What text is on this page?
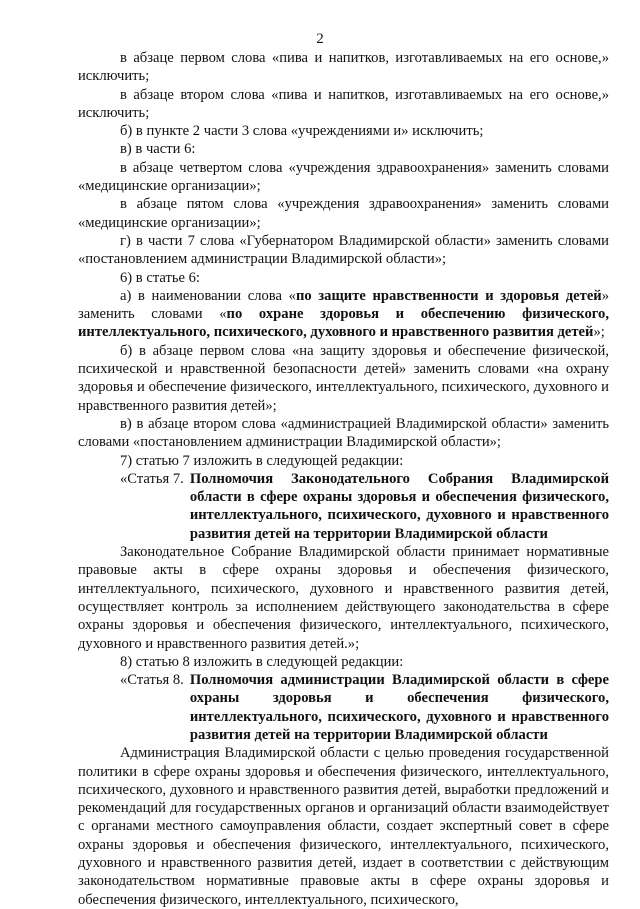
2

в абзаце первом слова «пива и напитков, изготавливаемых на его основе,» исключить;

в абзаце втором слова «пива и напитков, изготавливаемых на его основе,» исключить;

б) в пункте 2 части 3 слова «учреждениями и» исключить;

в) в части 6:

в абзаце четвертом слова «учреждения здравоохранения» заменить словами «медицинские организации»;

в абзаце пятом слова «учреждения здравоохранения» заменить словами «медицинские организации»;

г) в части 7 слова «Губернатором Владимирской области» заменить словами «постановлением администрации Владимирской области»;

6) в статье 6:

а) в наименовании слова «по защите нравственности и здоровья детей» заменить словами «по охране здоровья и обеспечению физического, интеллектуального, психического, духовного и нравственного развития детей»;

б) в абзаце первом слова «на защиту здоровья и обеспечение физической, психической и нравственной безопасности детей» заменить словами «на охрану здоровья и обеспечение физического, интеллектуального, психического, духовного и нравственного развития детей»;

в) в абзаце втором слова «администрацией Владимирской области» заменить словами «постановлением администрации Владимирской области»;

7) статью 7 изложить в следующей редакции:

«Статья 7. Полномочия Законодательного Собрания Владимирской области в сфере охраны здоровья и обеспечения физического, интеллектуального, психического, духовного и нравственного развития детей на территории Владимирской области

Законодательное Собрание Владимирской области принимает нормативные правовые акты в сфере охраны здоровья и обеспечения физического, интеллектуального, психического, духовного и нравственного развития детей, осуществляет контроль за исполнением действующего законодательства в сфере охраны здоровья и обеспечения физического, интеллектуального, психического, духовного и нравственного развития детей.»;

8) статью 8 изложить в следующей редакции:

«Статья 8. Полномочия администрации Владимирской области в сфере охраны здоровья и обеспечения физического, интеллектуального, психического, духовного и нравственного развития детей на территории Владимирской области

Администрация Владимирской области с целью проведения государственной политики в сфере охраны здоровья и обеспечения физического, интеллектуального, психического, духовного и нравственного развития детей, выработки предложений и рекомендаций для государственных органов и организаций области взаимодействует с органами местного самоуправления области, создает экспертный совет в сфере охраны здоровья и обеспечения физического, интеллектуального, психического, духовного и нравственного развития детей, издает в соответствии с действующим законодательством нормативные правовые акты в сфере охраны здоровья и обеспечения физического, интеллектуального, психического,
